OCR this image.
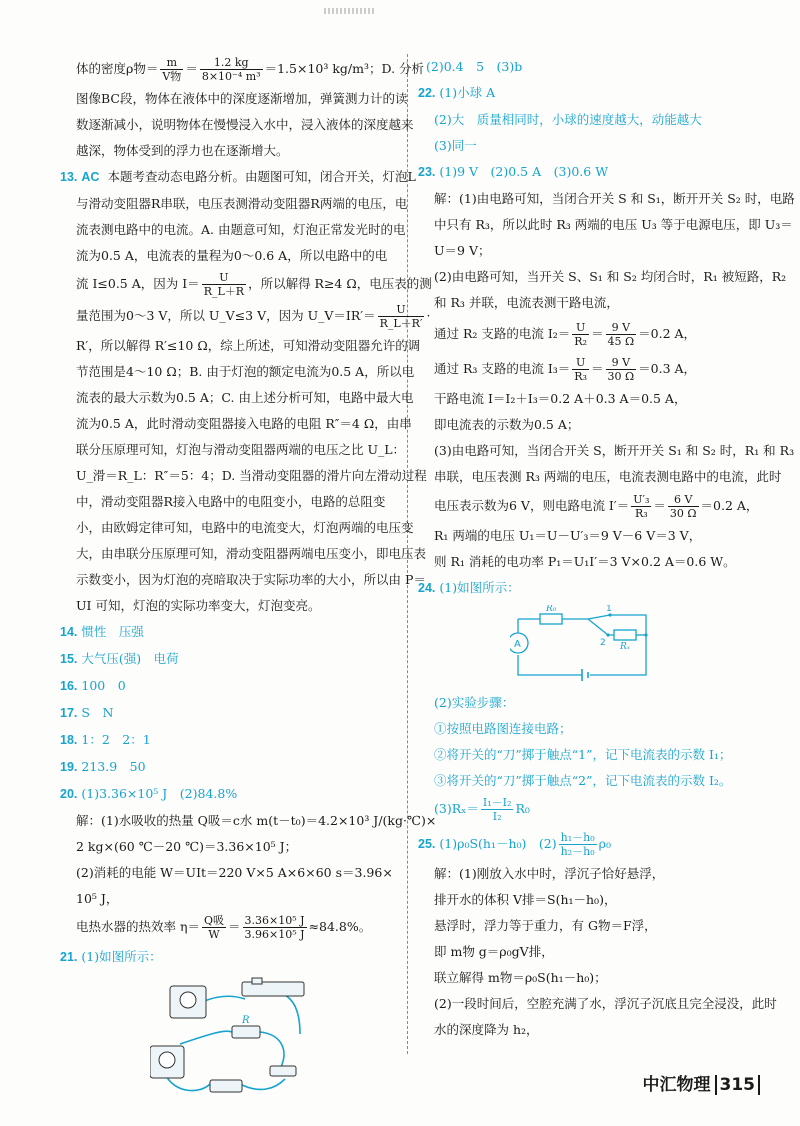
体的密度ρ物＝ $\frac{m}{\text{V物}} = \frac{1.2 kg}{\text{8×10⁻⁴ m³}} =1.5\times 10^3$ kg/m³；D. 分析
图像BC段，物体在液体中的深度逐渐增加，弹簧测力计的读
数逐渐减小，说明物体在慢慢浸入水中，浸入液体的深度越来
越深，物体受到的浮力也在逐渐增大。
13. AC 本题考查动态电路分析。由题图可知，闭合开关，灯泡L
与滑动变阻器R串联，电压表测滑动变阻器R两端的电压，电
流表测电路中的电流。A. 由题意可知，灯泡正常发光时的电
流为0.5 A，电流表的量程为0～0.6 A，所以电路中的电
流 I≤0.5 A，因为 $I= \frac{U}{R\_L+R}$ ，所以解得 R≥4 Ω，电压表的测
量范围为0～3 V，所以 U_V≤3 V，因为 U_V＝IR′＝ $\frac{U}{R\_L+R'}$ ·
R′，所以解得 R′≤10 Ω，综上所述，可知滑动变阻器允许的调
节范围是4～10 Ω；B. 由于灯泡的额定电流为0.5 A，所以电
流表的最大示数为0.5 A；C. 由上述分析可知，电路中最大电
流为0.5 A，此时滑动变阻器接入电路的电阻 R″＝4 Ω，由串
联分压原理可知，灯泡与滑动变阻器两端的电压之比 U_L：
U_滑＝R_L：R″＝5：4；D. 当滑动变阻器的滑片向左滑动过程
中，滑动变阻器R接入电路中的电阻变小，电路的总阻变
小，由欧姆定律可知，电路中的电流变大，灯泡两端的电压变
大，由串联分压原理可知，滑动变阻器两端电压变小，即电压表
示数变小，因为灯泡的亮暗取决于实际功率的大小，所以由 P＝
UI 可知，灯泡的实际功率变大，灯泡变亮。
14. 惯性　压强
15. 大气压(强)　电荷
16. 100　0
17. S　N
18. 1：2　2：1
19. 213.9　50
20. (1)3.36×10⁵ J　(2)84.8%
解：(1)水吸收的热量 Q吸＝c水 m(t－t₀)＝4.2×10³ J/(kg·℃)×
2 kg×(60 ℃－20 ℃)＝3.36×10⁵ J；
(2)消耗的电能 W＝UIt＝220 V×5 A×6×60 s＝3.96×
10⁵ J，
电热水器的热效率 $\eta= \frac{\text{Q吸}}{W} = \frac{\text{3.36×10⁵ J}}{\text{3.96×10⁵ J}} \approx 84.8\%$。
21. (1)如图所示：
R
(2)0.4　5　(3)b
22. (1)小球 A
(2)大　质量相同时，小球的速度越大，动能越大
(3)同一
23. (1)9 V　(2)0.5 A　(3)0.6 W
解：(1)由电路可知，当闭合开关 S 和 S₁，断开开关 S₂ 时，电路
中只有 R₃，所以此时 R₃ 两端的电压 U₃ 等于电源电压，即 U₃＝
U＝9 V；
(2)由电路可知，当开关 S、S₁ 和 S₂ 均闭合时，R₁ 被短路，R₂
和 R₃ 并联，电流表测干路电流，
通过 R₂ 支路的电流 $I_2= \frac{U}{\text{R₂}} = \frac{9 V}{45 \Omega} =0.2$ A，
通过 R₃ 支路的电流 $I_3= \frac{U}{\text{R₃}} = \frac{9 V}{30 \Omega} =0.3$ A，
干路电流 I＝I₂＋I₃＝0.2 A＋0.3 A＝0.5 A，
即电流表的示数为0.5 A；
(3)由电路可知，当闭合开关 S，断开开关 S₁ 和 S₂ 时，R₁ 和 R₃
串联，电压表测 R₃ 两端的电压，电流表测电路中的电流，此时
电压表示数为6 V，则电路电流 $I'= \frac{\text{U′₃}}{\text{R₃}} = \frac{6 V}{30 \Omega} =0.2$ A，
R₁ 两端的电压 U₁＝U－U′₃＝9 V－6 V＝3 V，
则 R₁ 消耗的电功率 P₁＝U₁I′＝3 V×0.2 A＝0.6 W。
24. (1)如图所示：
R₀
Rₓ
A
1
2
(2)实验步骤：
①按照电路图连接电路；
②将开关的“刀”掷于触点“1”，记下电流表的示数 I₁；
③将开关的“刀”掷于触点“2”，记下电流表的示数 I₂。
$(3)R_x= \frac{\text{I₁－I₂}}{\text{I₂}} R_0$
25. (1)ρ₀S(h₁－h₀)　$(2) \frac{\text{h₁－h₀}}{\text{h₂－h₀}} \rho_0$
解：(1)刚放入水中时，浮沉子恰好悬浮，
排开水的体积 V排＝S(h₁－h₀)，
悬浮时，浮力等于重力，有 G物＝F浮，
即 m物 g＝ρ₀gV排，
联立解得 m物＝ρ₀S(h₁－h₀)；
(2)一段时间后，空腔充满了水，浮沉子沉底且完全浸没，此时
水的深度降为 h₂，
中汇物理 315
